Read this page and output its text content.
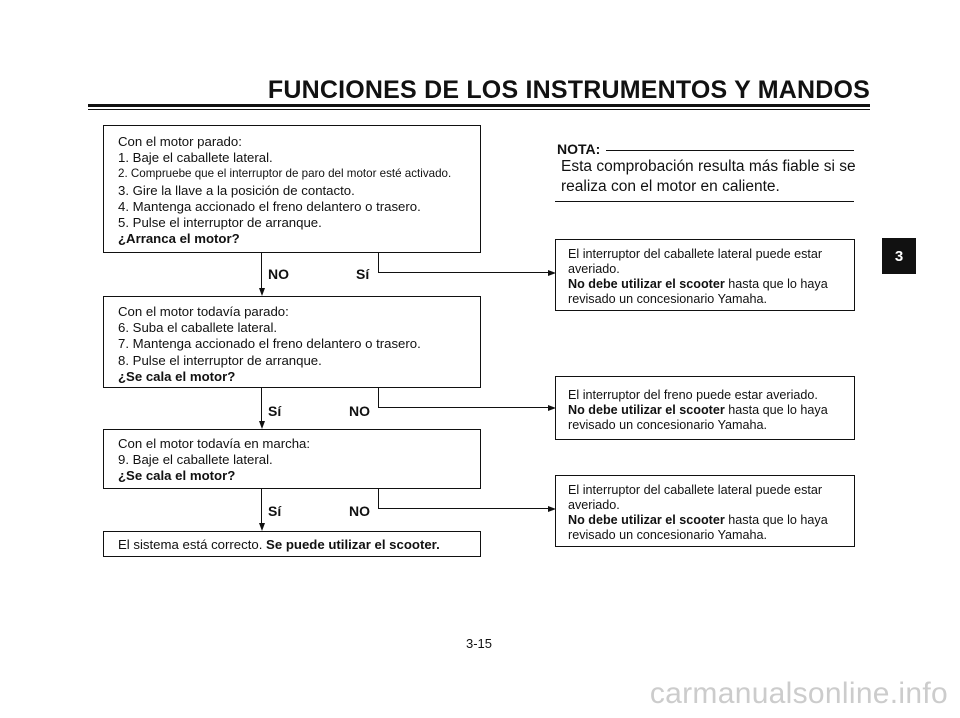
FUNCIONES DE LOS INSTRUMENTOS Y MANDOS
3
Con el motor parado:
1. Baje el caballete lateral.
2. Compruebe que el interruptor de paro del motor esté activado.
3. Gire la llave a la posición de contacto.
4. Mantenga accionado el freno delantero o trasero.
5. Pulse el interruptor de arranque.
¿Arranca el motor?
NO	Sí
Con el motor todavía parado:
6. Suba el caballete lateral.
7. Mantenga accionado el freno delantero o trasero.
8. Pulse el interruptor de arranque.
¿Se cala el motor?
Sí	NO
Con el motor todavía en marcha:
9. Baje el caballete lateral.
¿Se cala el motor?
Sí	NO
El sistema está correcto. Se puede utilizar el scooter.
El interruptor del caballete lateral puede estar
averiado.
No debe utilizar el scooter hasta que lo haya
revisado un concesionario Yamaha.
El interruptor del freno puede estar averiado.
No debe utilizar el scooter hasta que lo haya
revisado un concesionario Yamaha.
El interruptor del caballete lateral puede estar
averiado.
No debe utilizar el scooter hasta que lo haya
revisado un concesionario Yamaha.
NOTA:
Esta comprobación resulta más fiable si se
realiza con el motor en caliente.
3-15
carmanualsonline.info
